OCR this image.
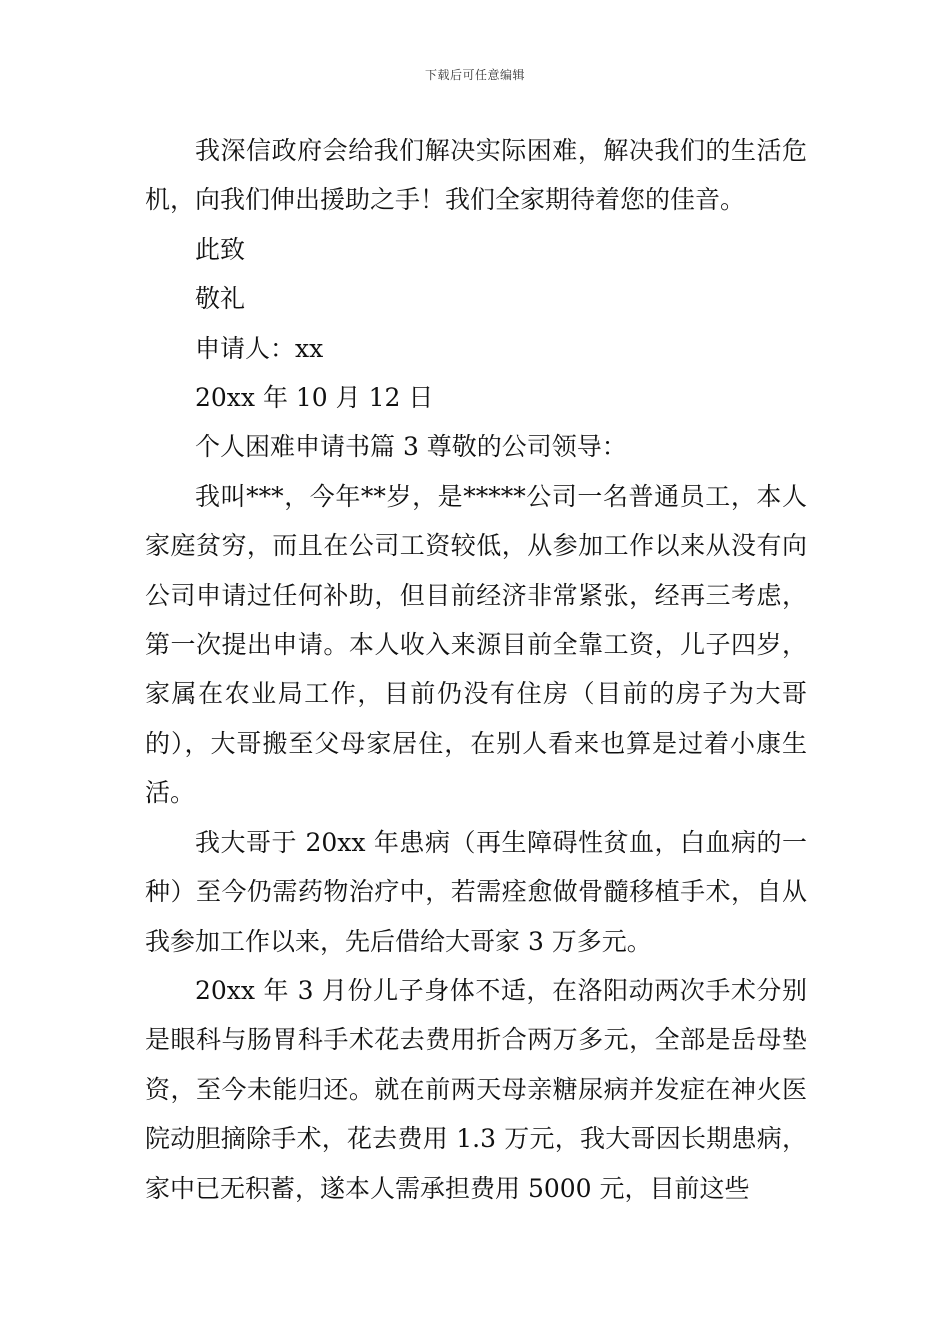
下载后可任意编辑

我深信政府会给我们解决实际困难，解决我们的生活危机，向我们伸出援助之手！我们全家期待着您的佳音。

此致

敬礼

申请人：xx

20xx 年 10 月 12 日

个人困难申请书篇 3 尊敬的公司领导：

我叫***，今年**岁，是*****公司一名普通员工，本人家庭贫穷，而且在公司工资较低，从参加工作以来从没有向公司申请过任何补助，但目前经济非常紧张，经再三考虑，第一次提出申请。本人收入来源目前全靠工资，儿子四岁，家属在农业局工作，目前仍没有住房（目前的房子为大哥的），大哥搬至父母家居住，在别人看来也算是过着小康生活。

我大哥于 20xx 年患病（再生障碍性贫血，白血病的一种）至今仍需药物治疗中，若需痊愈做骨髓移植手术，自从我参加工作以来，先后借给大哥家 3 万多元。

20xx 年 3 月份儿子身体不适，在洛阳动两次手术分别是眼科与肠胃科手术花去费用折合两万多元，全部是岳母垫资，至今未能归还。就在前两天母亲糖尿病并发症在神火医院动胆摘除手术，花去费用 1.3 万元，我大哥因长期患病，家中已无积蓄，遂本人需承担费用 5000 元，目前这些
